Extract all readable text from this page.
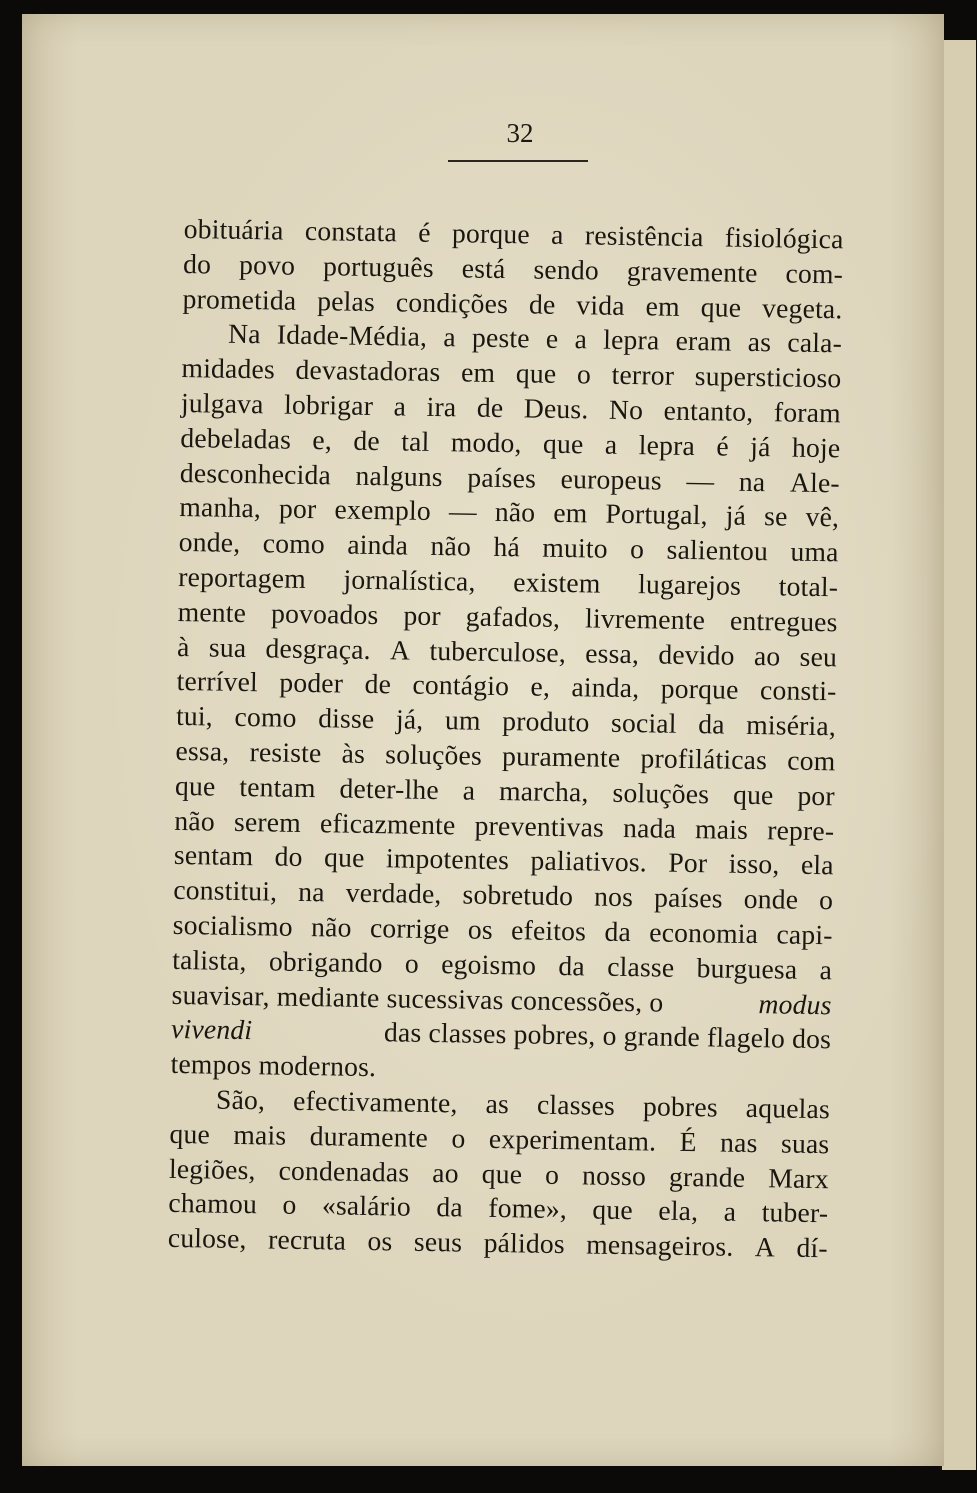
32
obituária constata é porque a resistência fisiológica
do povo português está sendo gravemente com-
prometida pelas condições de vida em que vegeta.
Na Idade-Média, a peste e a lepra eram as cala-
midades devastadoras em que o terror supersticioso
julgava lobrigar a ira de Deus. No entanto, foram
debeladas e, de tal modo, que a lepra é já hoje
desconhecida nalguns países europeus — na Ale-
manha, por exemplo — não em Portugal, já se vê,
onde, como ainda não há muito o salientou uma
reportagem jornalística, existem lugarejos total-
mente povoados por gafados, livremente entregues
à sua desgraça. A tuberculose, essa, devido ao seu
terrível poder de contágio e, ainda, porque consti-
tui, como disse já, um produto social da miséria,
essa, resiste às soluções puramente profiláticas com
que tentam deter-lhe a marcha, soluções que por
não serem eficazmente preventivas nada mais repre-
sentam do que impotentes paliativos. Por isso, ela
constitui, na verdade, sobretudo nos países onde o
socialismo não corrige os efeitos da economia capi-
talista, obrigando o egoismo da classe burguesa a
suavisar, mediante sucessivas concessões, o	modus
vivendi	das classes pobres, o grande flagelo dos
tempos modernos.
São, efectivamente, as classes pobres aquelas
que mais duramente o experimentam. É nas suas
legiões, condenadas ao que o nosso grande Marx
chamou o «salário da fome», que ela, a tuber-
culose, recruta os seus pálidos mensageiros. A dí-
